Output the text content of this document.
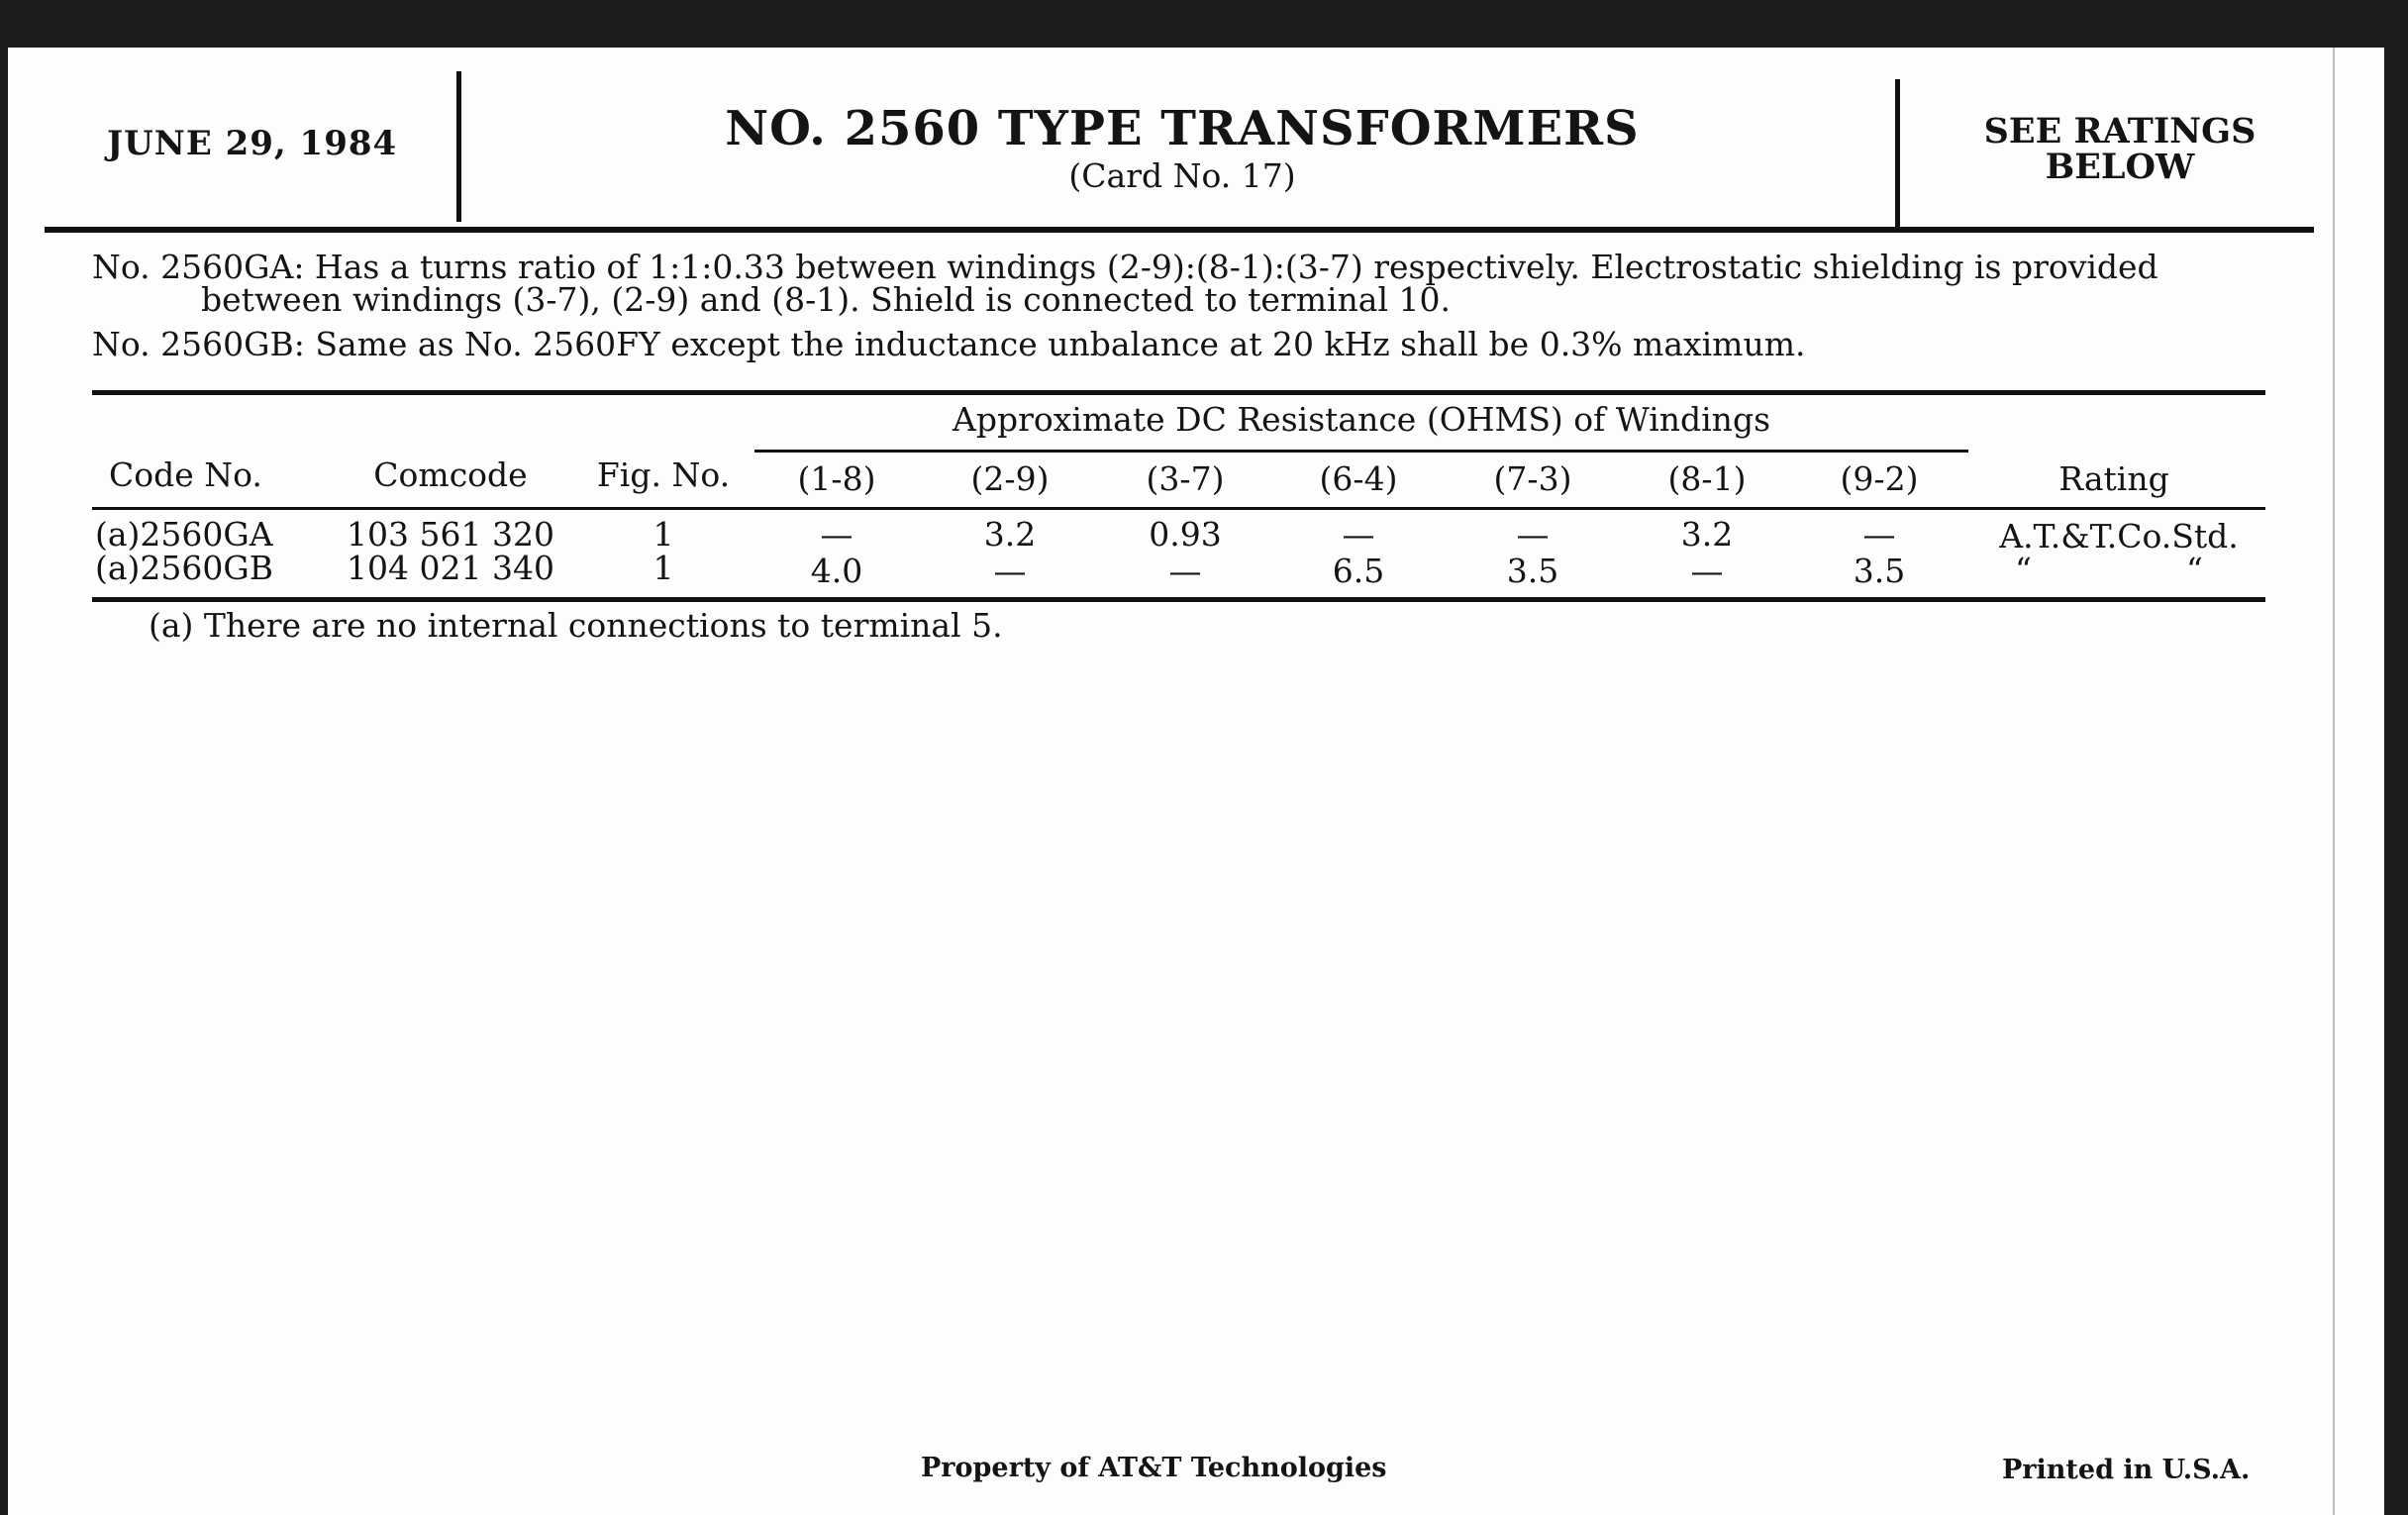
JUNE 29, 1984	NO. 2560 TYPE TRANSFORMERS
(Card No. 17)
SEE RATINGS
BELOW
No. 2560GA: Has a turns ratio of 1:1:0.33 between windings (2-9):(8-1):(3-7) respectively. Electrostatic shielding is provided
between windings (3-7), (2-9) and (8-1). Shield is connected to terminal 10.
No. 2560GB: Same as No. 2560FY except the inductance unbalance at 20 kHz shall be 0.3% maximum.
Approximate DC Resistance (OHMS) of Windings
Code No.	Comcode	Fig. No.	(1-8)	(2-9)	(3-7)	(6-4)	(7-3)	(8-1)	(9-2)	Rating
(a)2560GA	103 561 320	1	—	3.2	0.93	—	—	3.2	—	A.T.&T.Co.Std.
(a)2560GB	104 021 340	1	4.0	—	—	6.5	3.5	—	3.5	“	“
(a) There are no internal connections to terminal 5.
Property of AT&T Technologies	Printed in U.S.A.
